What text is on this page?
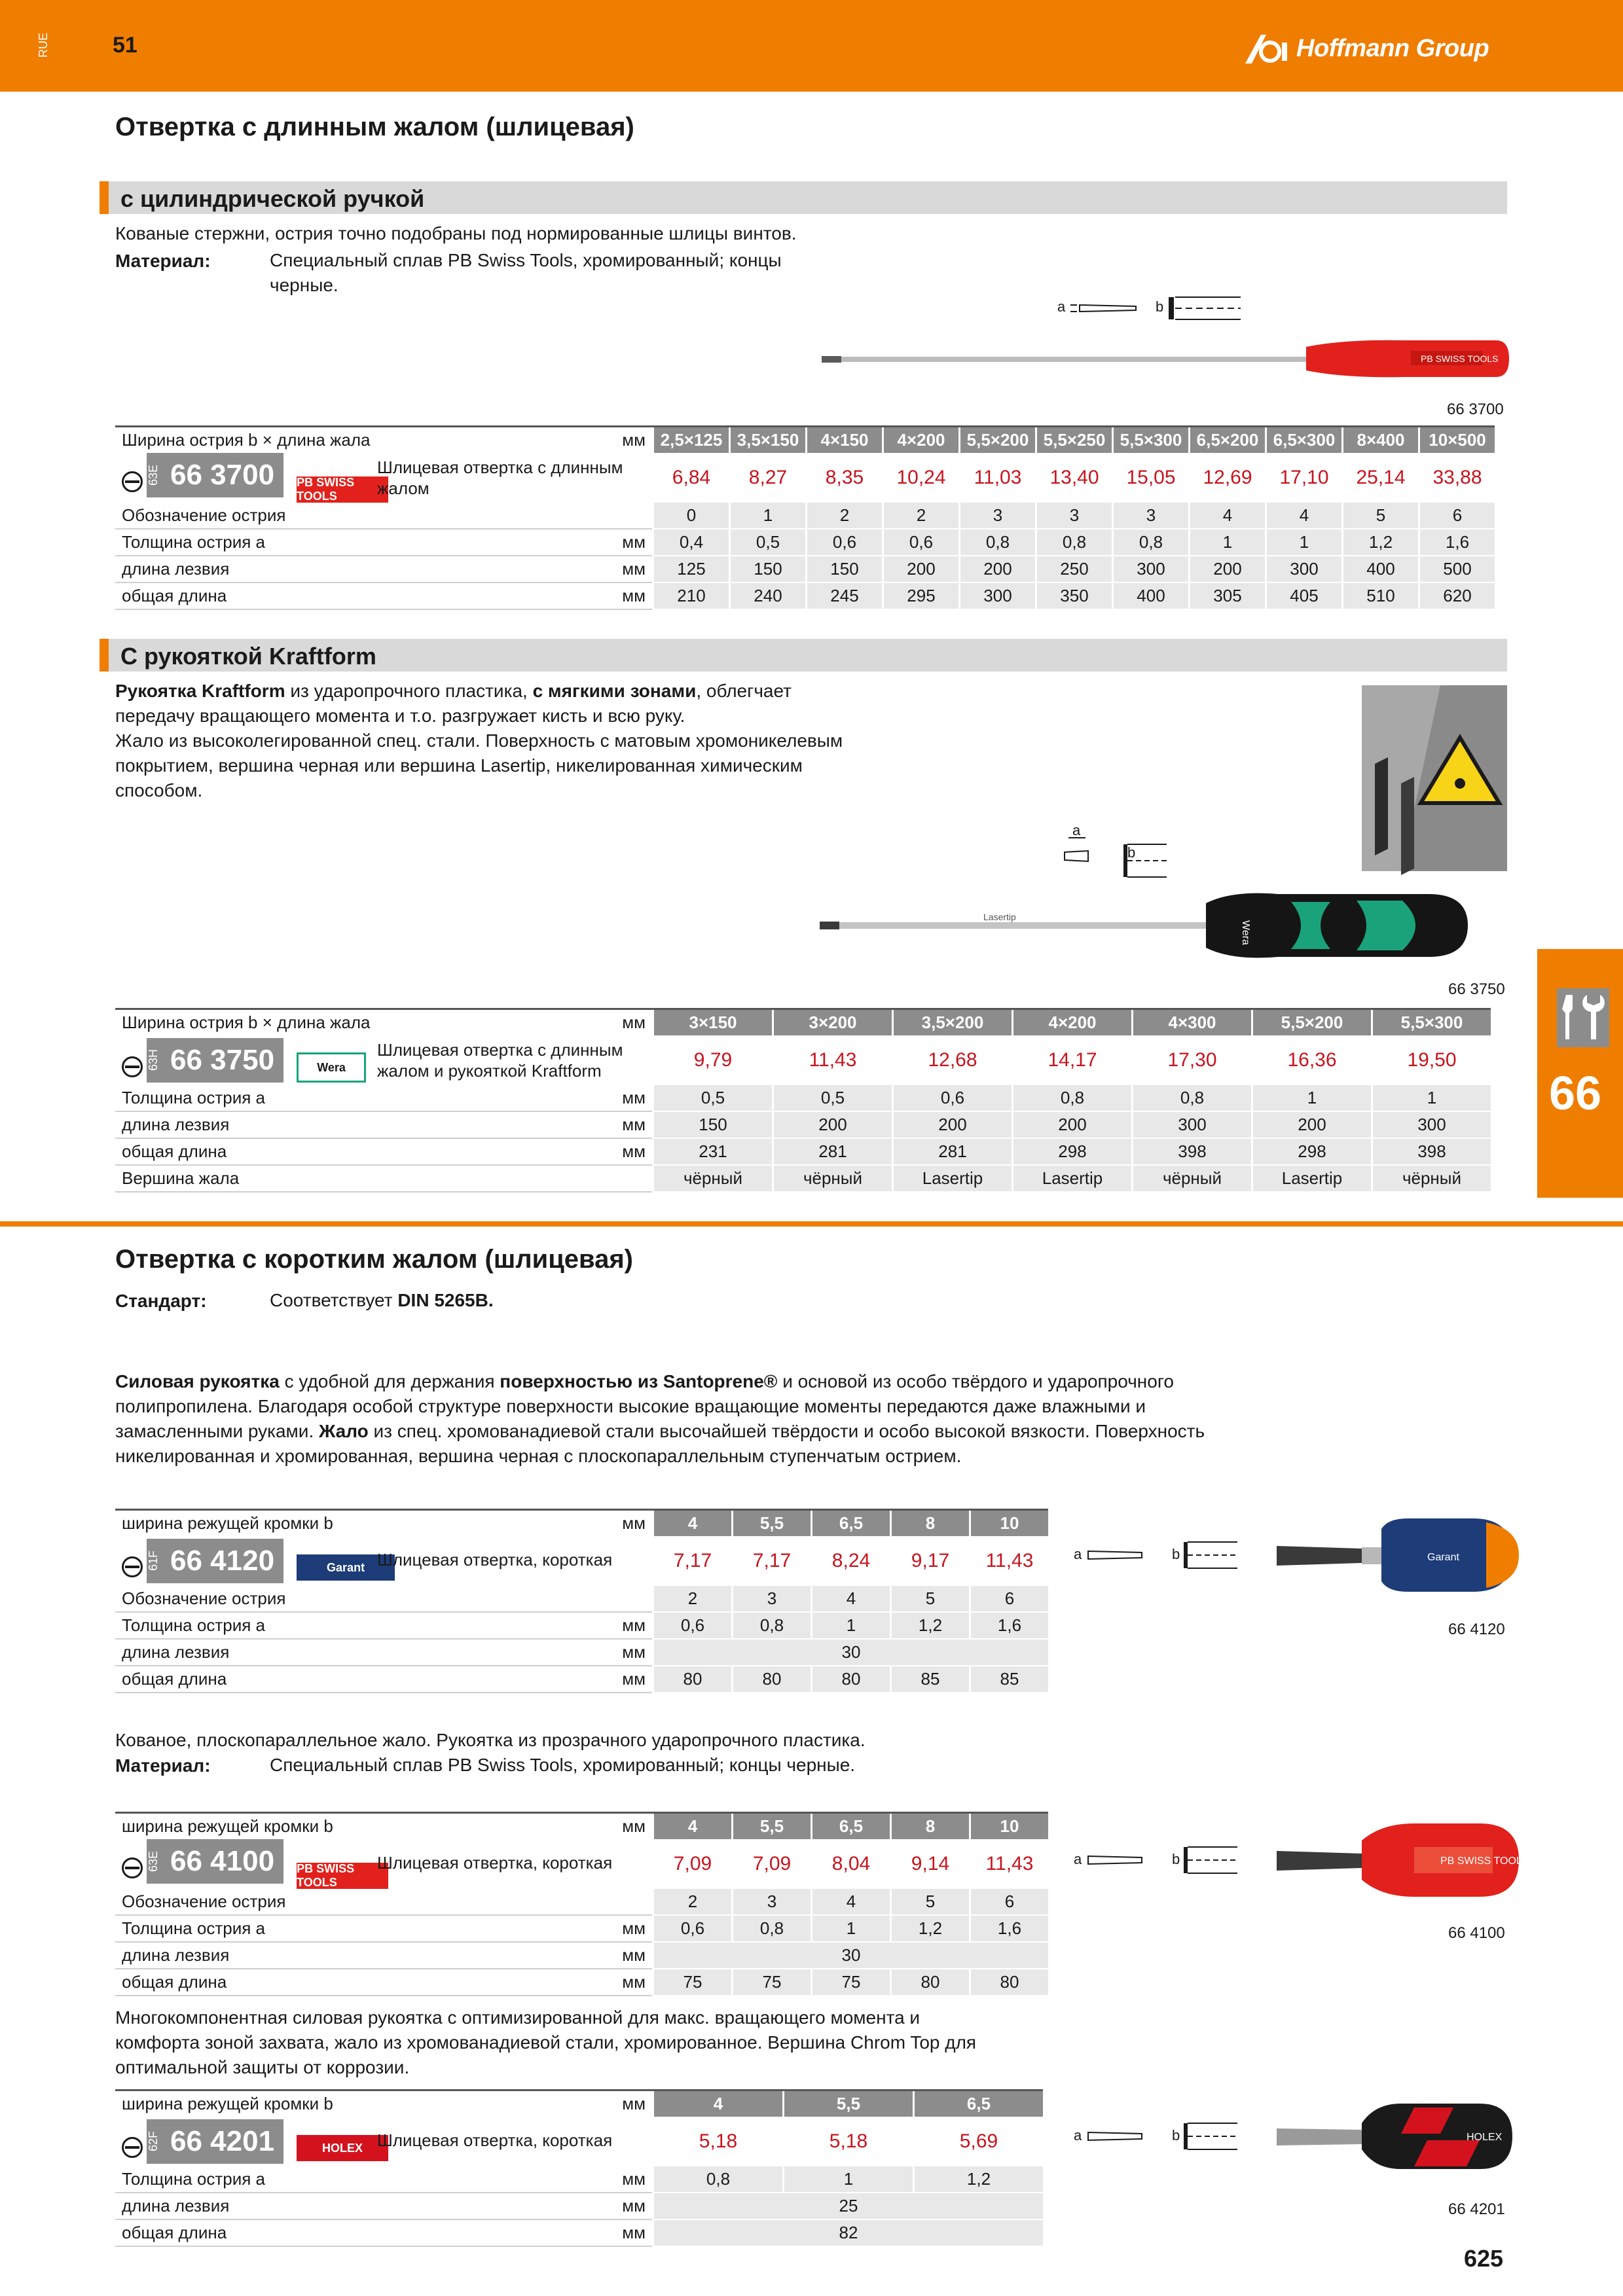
RUE	51	Hoffmann Group
66
Отвертка с длинным жалом (шлицевая)
с цилиндрической ручкой
Кованые стержни, острия точно подобраны под нормированные шлицы винтов.
Материал:	Специальный сплав PB Swiss Tools, хромированный; концы
черные.
a	b
PB SWISS TOOLS
66 3700
Ширина острия b × длина жала	мм	2,5×125	3,5×150	4×150	4×200	5,5×200	5,5×250	5,5×300	6,5×200	6,5×300	8×400	10×500

63E 66 3700 PB SWISS TOOLS
Шлицевая отвертка с длинным
жалом		6,84	8,27	8,35	10,24	11,03	13,40	15,05	12,69	17,10	25,14	33,88
Обозначение острия		0	1	2	2	3	3	3	4	4	5	6
Толщина острия а	мм	0,4	0,5	0,6	0,6	0,8	0,8	0,8	1	1	1,2	1,6
длина лезвия	мм	125	150	150	200	200	250	300	200	300	400	500
общая длина	мм	210	240	245	295	300	350	400	305	405	510	620
С рукояткой Kraftform
Рукоятка Kraftform из ударопрочного пластика, с мягкими зонами, облегчает
передачу вращающего момента и т.о. разгружает кисть и всю руку.
Жало из высоколегированной спец. стали. Поверхность с матовым хромоникелевым
покрытием, вершина черная или вершина Lasertip, никелированная химическим
способом.
a
b
Lasertip
Wera
66 3750
Ширина острия b × длина жала	мм	3×150	3×200	3,5×200	4×200	4×300	5,5×200	5,5×300

63H 66 3750 Wera
Шлицевая отвертка с длинным
жалом и рукояткой Kraftform		9,79	11,43	12,68	14,17	17,30	16,36	19,50
Толщина острия а	мм	0,5	0,5	0,6	0,8	0,8	1	1
длина лезвия	мм	150	200	200	200	300	200	300
общая длина	мм	231	281	281	298	398	298	398
Вершина жала		чёрный	чёрный	Lasertip	Lasertip	чёрный	Lasertip	чёрный
Отвертка с коротким жалом (шлицевая)
Стандарт:	Соответствует DIN 5265B.
Силовая рукоятка с удобной для держания поверхностью из Santoprene® и основой из особо твёрдого и ударопрочного
полипропилена. Благодаря особой структуре поверхности высокие вращающие моменты передаются даже влажными и
замасленными руками. Жало из спец. хромованадиевой стали высочайшей твёрдости и особо высокой вязкости. Поверхность
никелированная и хромированная, вершина черная с плоскопараллельным ступенчатым острием.
ширина режущей кромки b	мм	4	5,5	6,5	8	10

61F 66 4120 Garant Шлицевая отвертка, короткая		7,17	7,17	8,24	9,17	11,43
Обозначение острия		2	3	4	5	6
Толщина острия а	мм	0,6	0,8	1	1,2	1,6
длина лезвия	мм	30				
общая длина	мм	80	80	80	85	85
a	b	Garant
66 4120
Кованое, плоскопараллельное жало. Рукоятка из прозрачного ударопрочного пластика.
Материал:	Специальный сплав PB Swiss Tools, хромированный; концы черные.
ширина режущей кромки b	мм	4	5,5	6,5	8	10

63E 66 4100 PB SWISS TOOLS
Шлицевая отвертка, короткая		7,09	7,09	8,04	9,14	11,43
Обозначение острия		2	3	4	5	6
Толщина острия а	мм	0,6	0,8	1	1,2	1,6
длина лезвия	мм	30				
общая длина	мм	75	75	75	80	80
a	b	PB SWISS TOOLS
66 4100
Многокомпонентная силовая рукоятка с оптимизированной для макс. вращающего момента и
комфорта зоной захвата, жало из хромованадиевой стали, хромированное. Вершина Chrom Top для
оптимальной защиты от коррозии.
ширина режущей кромки b	мм	4	5,5	6,5

62F 66 4201 HOLEX Шлицевая отвертка, короткая		5,18	5,18	5,69
Толщина острия а	мм	0,8	1	1,2
длина лезвия	мм	25		
общая длина	мм	82		
a	b	HOLEX
66 4201
625
